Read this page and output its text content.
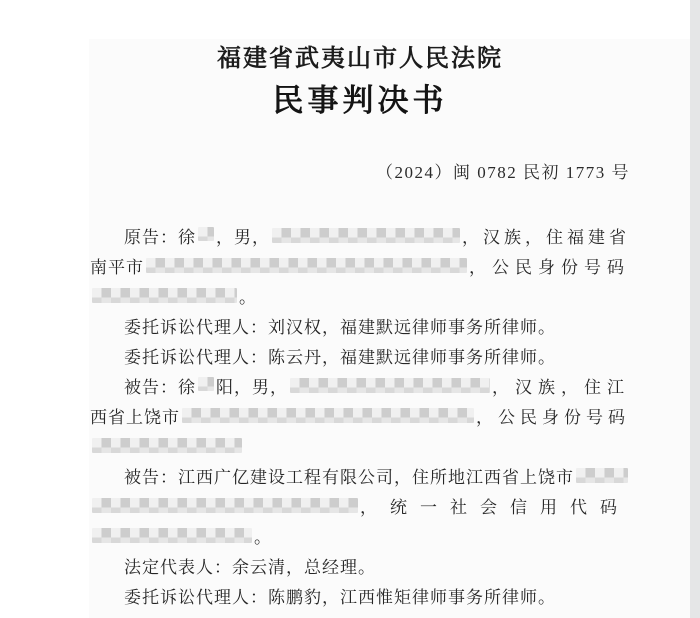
福建省武夷山市人民法院
民事判决书
（2024）闽 0782 民初 1773 号
原告：徐 ，男，	，汉族，住福建省
南平市	，公民身份号码
。
委托诉讼代理人：刘汉权，福建默远律师事务所律师。
委托诉讼代理人：陈云丹，福建默远律师事务所律师。
被告：徐 阳，男，	，汉族，住江
西省上饶市	，公民身份号码
被告：江西广亿建设工程有限公司，住所地江西省上饶市
，统一社会信用代码
。
法定代表人：余云清，总经理。
委托诉讼代理人：陈鹏豹，江西惟矩律师事务所律师。
